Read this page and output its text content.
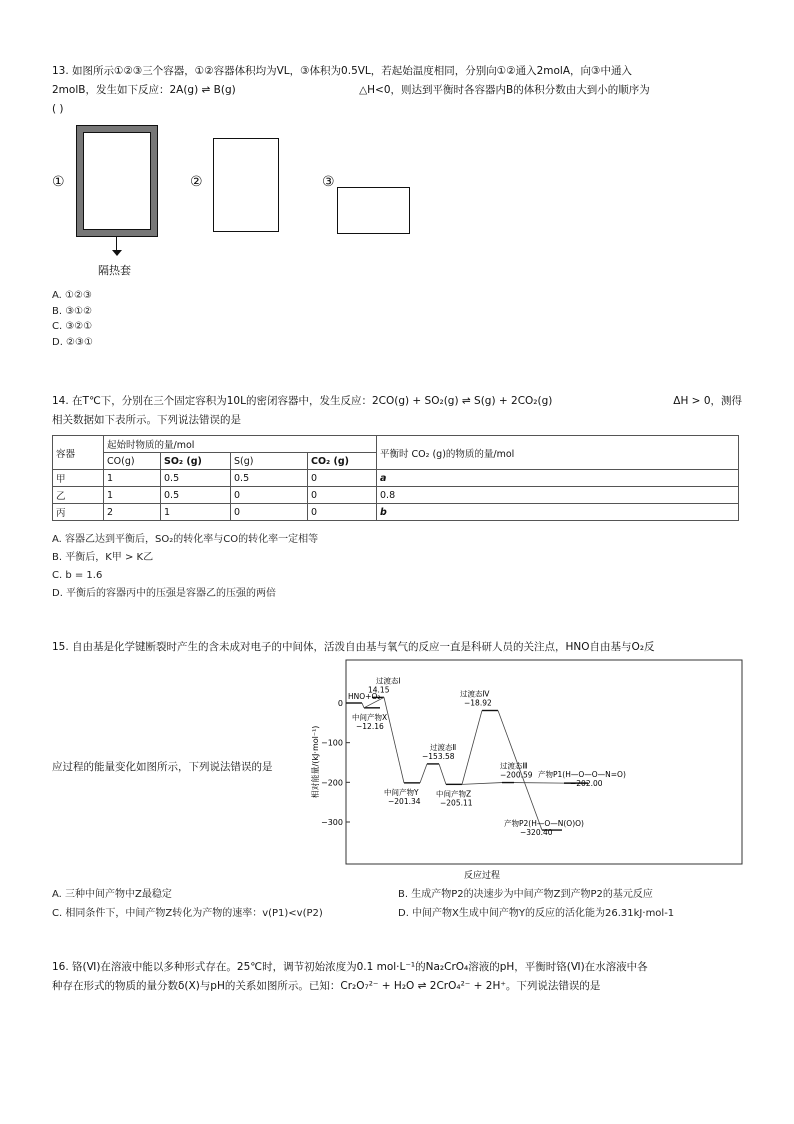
13. 如图所示①②③三个容器，①②容器体积均为VL，③体积为0.5VL，若起始温度相同，分别向①②通入2molA，向③中通入
2molB，发生如下反应：2A(g) ⇌ B(g)	△H<0，则达到平衡时各容器内B的体积分数由大到小的顺序为
( )
①
隔热套
②	③
A. ①②③
B. ③①②
C. ③②①
D. ②③①
14. 在T℃下，分别在三个固定容积为10L的密闭容器中，发生反应：2CO(g) + SO₂(g) ⇌ S(g) + 2CO₂(g)	ΔH > 0，测得
相关数据如下表所示。下列说法错误的是
容器	起始时物质的量/mol				平衡时 CO₂ (g)的物质的量/mol
	CO(g)	SO₂ (g)	S(g)	CO₂ (g)	
甲	1	0.5	0.5	0	a
乙	1	0.5	0	0	0.8
丙	2	1	0	0	b
A. 容器乙达到平衡后，SO₂的转化率与CO的转化率一定相等
B. 平衡后，K甲 > K乙
C. b = 1.6
D. 平衡后的容器丙中的压强是容器乙的压强的两倍
15. 自由基是化学键断裂时产生的含未成对电子的中间体，活泼自由基与氧气的反应一直是科研人员的关注点，HNO自由基与O₂反
应过程的能量变化如图所示，下列说法错误的是
0
−100
−200
−300
相对能量/(kJ·mol⁻¹)
反应过程
HNO+O₂
过渡态Ⅰ
14.15
中间产物X
−12.16
过渡态Ⅱ
−153.58
中间产物Y
−201.34
中间产物Z
−205.11
过渡态Ⅲ
−200.59
过渡态Ⅳ
−18.92
产物P1(H—O—O—N=O)
−202.00
产物P2(H—O—N(O)O)
−320.40
A. 三种中间产物中Z最稳定
C. 相同条件下，中间产物Z转化为产物的速率：v(P1)<v(P2)
B. 生成产物P2的决速步为中间产物Z到产物P2的基元反应
D. 中间产物X生成中间产物Y的反应的活化能为26.31kJ·mol-1
16. 铬(Ⅵ)在溶液中能以多种形式存在。25℃时，调节初始浓度为0.1 mol·L⁻¹的Na₂CrO₄溶液的pH，平衡时铬(Ⅵ)在水溶液中各
种存在形式的物质的量分数δ(X)与pH的关系如图所示。已知：Cr₂O₇²⁻ + H₂O ⇌ 2CrO₄²⁻ + 2H⁺。下列说法错误的是
